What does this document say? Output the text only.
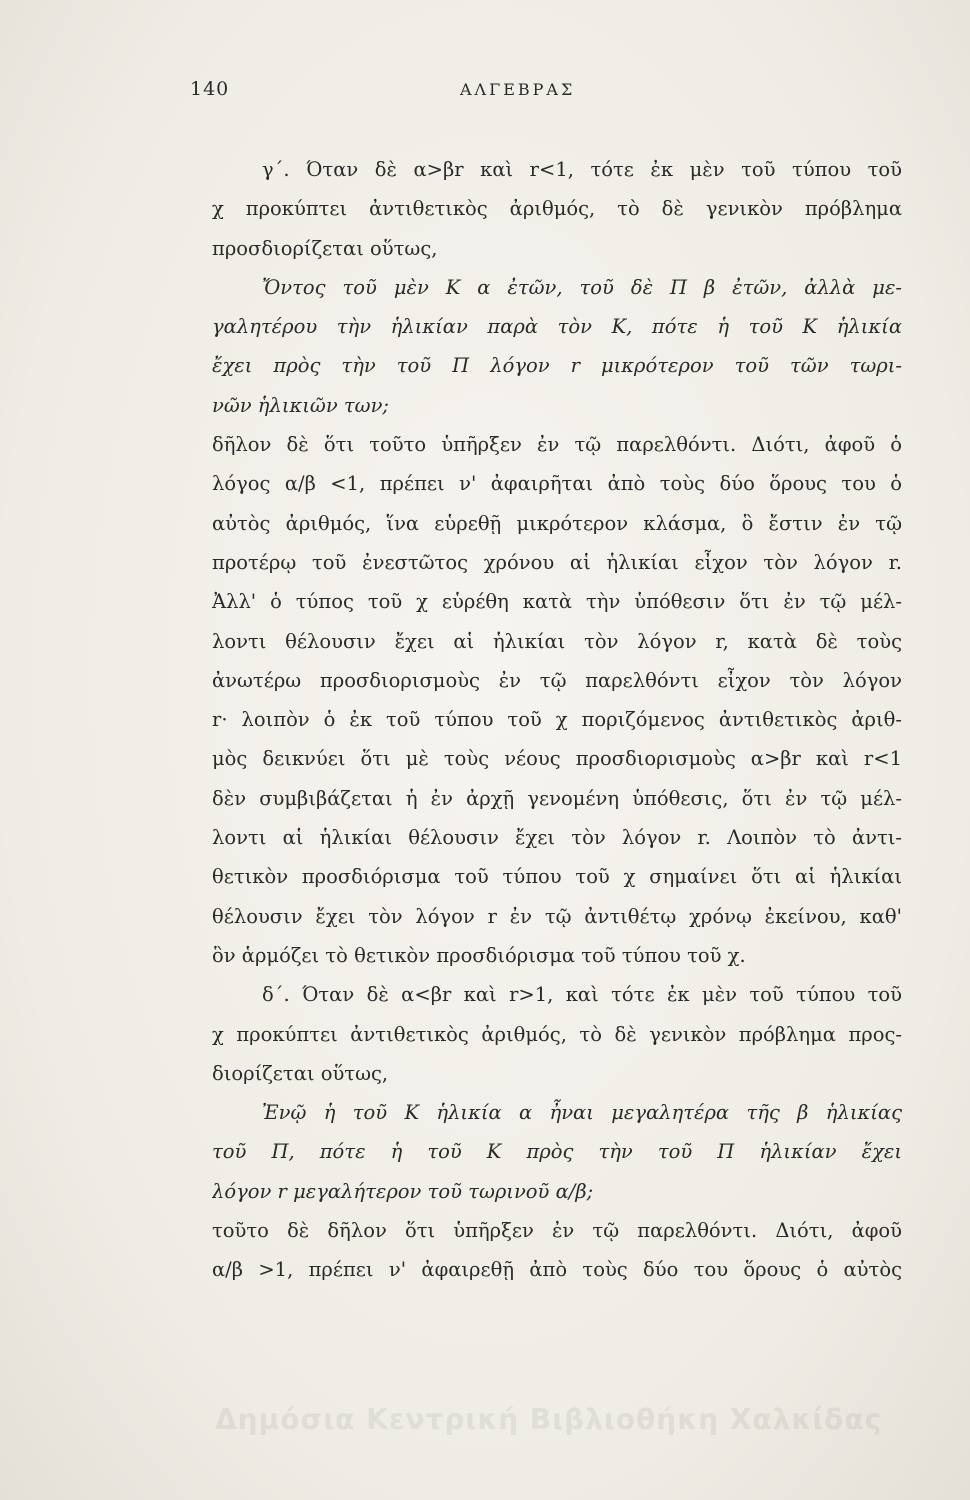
140	ΑΛΓΕΒΡΑΣ
γ΄. Όταν δὲ α>βr καὶ r<1, τότε ἐκ μὲν τοῦ τύπου τοῦ
χ προκύπτει ἀντιθετικὸς ἀριθμός, τὸ δὲ γενικὸν πρόβλημα
προσδιορίζεται οὕτως,
Ὄντος τοῦ μὲν Κ α ἐτῶν, τοῦ δὲ Π β ἐτῶν, ἀλλὰ με-
γαλητέρου τὴν ἡλικίαν παρὰ τὸν Κ, πότε ἡ τοῦ Κ ἡλικία
ἔχει πρὸς τὴν τοῦ Π λόγον r μικρότερον τοῦ τῶν τωρι-
νῶν ἡλικιῶν των;
δῆλον δὲ ὅτι τοῦτο ὑπῆρξεν ἐν τῷ παρελθόντι. Διότι, ἀφοῦ ὁ
λόγος α/β <1, πρέπει ν' ἀφαιρῆται ἀπὸ τοὺς δύο ὅρους του ὁ
αὐτὸς ἀριθμός, ἵνα εὑρεθῇ μικρότερον κλάσμα, ὃ ἔστιν ἐν τῷ
προτέρῳ τοῦ ἐνεστῶτος χρόνου αἱ ἡλικίαι εἶχον τὸν λόγον r.
Ἀλλ' ὁ τύπος τοῦ χ εὑρέθη κατὰ τὴν ὑπόθεσιν ὅτι ἐν τῷ μέλ-
λοντι θέλουσιν ἔχει αἱ ἡλικίαι τὸν λόγον r, κατὰ δὲ τοὺς
ἀνωτέρω προσδιορισμοὺς ἐν τῷ παρελθόντι εἶχον τὸν λόγον
r· λοιπὸν ὁ ἐκ τοῦ τύπου τοῦ χ ποριζόμενος ἀντιθετικὸς ἀριθ-
μὸς δεικνύει ὅτι μὲ τοὺς νέους προσδιορισμοὺς α>βr καὶ r<1
δὲν συμβιβάζεται ἡ ἐν ἀρχῇ γενομένη ὑπόθεσις, ὅτι ἐν τῷ μέλ-
λοντι αἱ ἡλικίαι θέλουσιν ἔχει τὸν λόγον r. Λοιπὸν τὸ ἀντι-
θετικὸν προσδιόρισμα τοῦ τύπου τοῦ χ σημαίνει ὅτι αἱ ἡλικίαι
θέλουσιν ἔχει τὸν λόγον r ἐν τῷ ἀντιθέτῳ χρόνῳ ἐκείνου, καθ'
ὃν ἁρμόζει τὸ θετικὸν προσδιόρισμα τοῦ τύπου τοῦ χ.
δ΄. Όταν δὲ α<βr καὶ r>1, καὶ τότε ἐκ μὲν τοῦ τύπου τοῦ
χ προκύπτει ἀντιθετικὸς ἀριθμός, τὸ δὲ γενικὸν πρόβλημα προς-
διορίζεται οὕτως,
Ἐνῷ ἡ τοῦ Κ ἡλικία α ἦναι μεγαλητέρα τῆς β ἡλικίας
τοῦ Π, πότε ἡ τοῦ Κ πρὸς τὴν τοῦ Π ἡλικίαν ἔχει
λόγον r μεγαλήτερον τοῦ τωρινοῦ α/β;
τοῦτο δὲ δῆλον ὅτι ὑπῆρξεν ἐν τῷ παρελθόντι. Διότι, ἀφοῦ
α/β >1, πρέπει ν' ἀφαιρεθῇ ἀπὸ τοὺς δύο του ὅρους ὁ αὐτὸς
Δημόσια Κεντρική Βιβλιοθήκη Χαλκίδας
